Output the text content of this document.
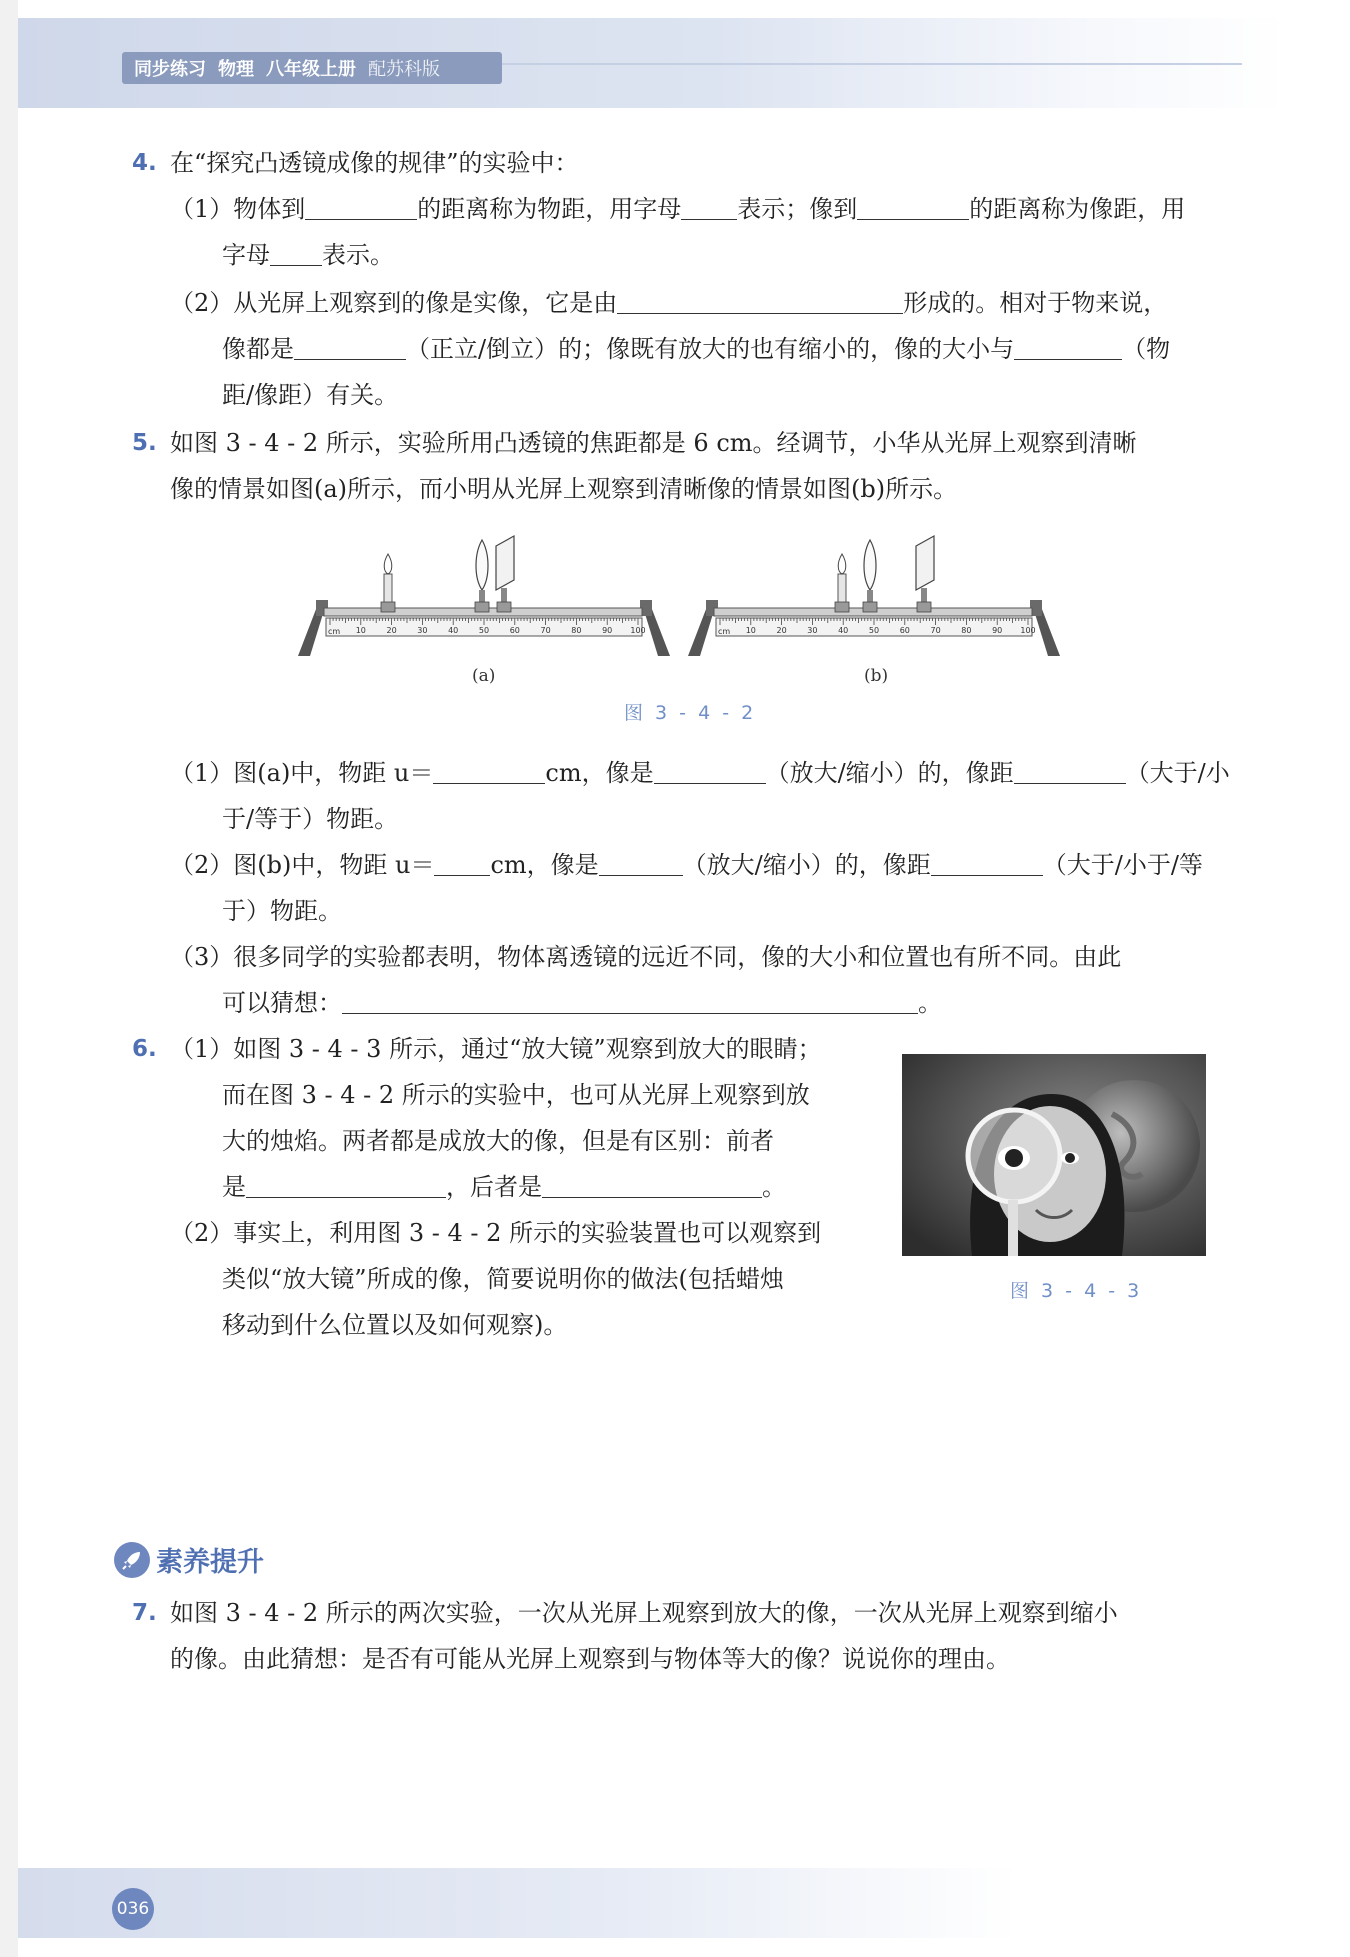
同步练习 物理 八年级上册 配苏科版
4. 在“探究凸透镜成像的规律”的实验中：
（1）物体到	的距离称为物距，用字母 表示；像到	的距离称为像距，用
字母 表示。
（2）从光屏上观察到的像是实像，它是由	形成的。相对于物来说，
像都是	（正立/倒立）的；像既有放大的也有缩小的，像的大小与	（物
距/像距）有关。
5. 如图 3 - 4 - 2 所示，实验所用凸透镜的焦距都是 6 cm。经调节，小华从光屏上观察到清晰
像的情景如图(a)所示，而小明从光屏上观察到清晰像的情景如图(b)所示。
cm 10	20	30	40	50	60	70	80	90 100	cm 10	20	30	40	50	60	70	80	90 100
(a)	(b)
图 3 - 4 - 2
（1）图(a)中，物距 u＝	cm，像是	（放大/缩小）的，像距	（大于/小
于/等于）物距。
（2）图(b)中，物距 u＝ cm，像是	（放大/缩小）的，像距	（大于/小于/等
于）物距。
（3）很多同学的实验都表明，物体离透镜的远近不同，像的大小和位置也有所不同。由此
可以猜想：	。
6. （1）如图 3 - 4 - 3 所示，通过“放大镜”观察到放大的眼睛；
而在图 3 - 4 - 2 所示的实验中，也可从光屏上观察到放
大的烛焰。两者都是成放大的像，但是有区别：前者
是	，后者是	。
（2）事实上，利用图 3 - 4 - 2 所示的实验装置也可以观察到
类似“放大镜”所成的像，简要说明你的做法(包括蜡烛
移动到什么位置以及如何观察)。
图 3 - 4 - 3
素养提升
7. 如图 3 - 4 - 2 所示的两次实验，一次从光屏上观察到放大的像，一次从光屏上观察到缩小
的像。由此猜想：是否有可能从光屏上观察到与物体等大的像？说说你的理由。
036
